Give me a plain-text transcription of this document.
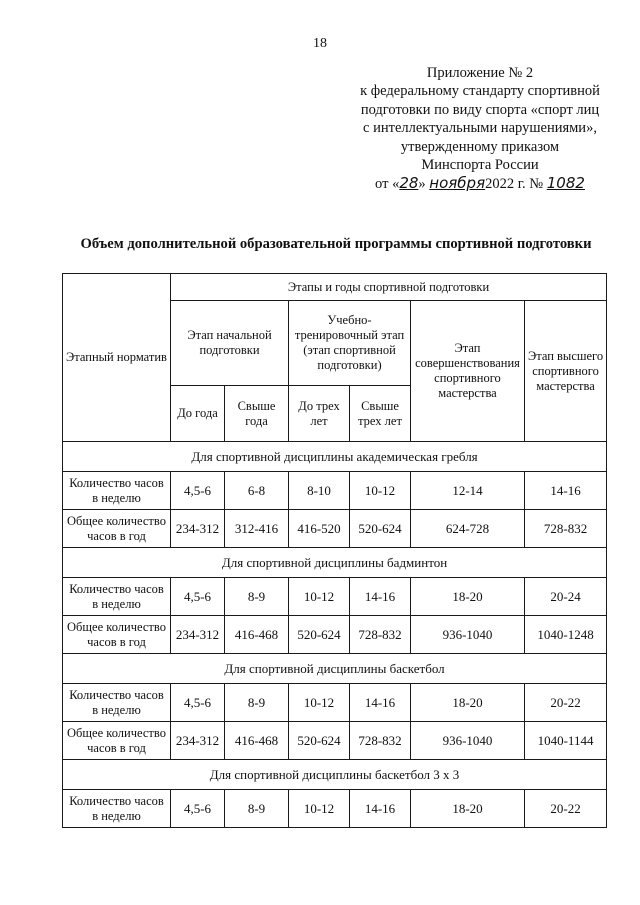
18
Приложение № 2
к федеральному стандарту спортивной
подготовки по виду спорта «спорт лиц
с интеллектуальными нарушениями»,
утвержденному приказом
Минспорта России
от «28» ноября2022 г. № 1082
Объем дополнительной образовательной программы спортивной подготовки
Этапный норматив	Этапы и годы спортивной подготовки					
	Этап начальной подготовки		Учебно-тренировочный этап (этап спортивной подготовки)		Этап совершенствования спортивного мастерства	Этап высшего спортивного мастерства
	До года	Свыше года	До трех лет	Свыше трех лет		
Для спортивной дисциплины академическая гребля						
Количество часов в неделю	4,5-6	6-8	8-10	10-12	12-14	14-16
Общее количество часов в год	234-312	312-416	416-520	520-624	624-728	728-832
Для спортивной дисциплины бадминтон						
Количество часов в неделю	4,5-6	8-9	10-12	14-16	18-20	20-24
Общее количество часов в год	234-312	416-468	520-624	728-832	936-1040	1040-1248
Для спортивной дисциплины баскетбол						
Количество часов в неделю	4,5-6	8-9	10-12	14-16	18-20	20-22
Общее количество часов в год	234-312	416-468	520-624	728-832	936-1040	1040-1144
Для спортивной дисциплины баскетбол 3 х 3						
Количество часов в неделю	4,5-6	8-9	10-12	14-16	18-20	20-22
